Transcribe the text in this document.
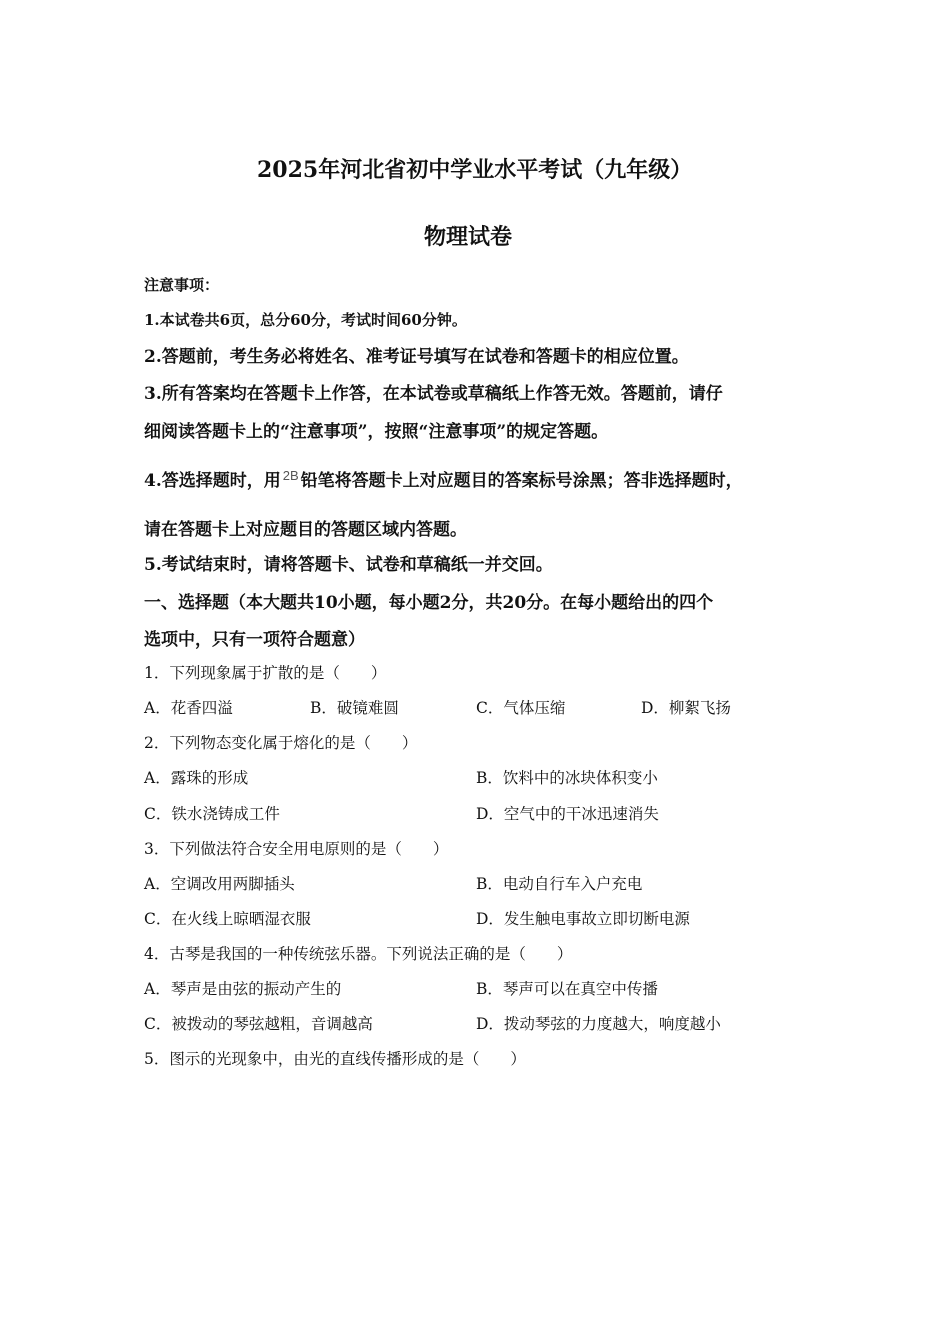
2025年河北省初中学业水平考试（九年级）
物理试卷
注意事项：
1.本试卷共6页，总分60分，考试时间60分钟。
2.答题前，考生务必将姓名、准考证号填写在试卷和答题卡的相应位置。
3.所有答案均在答题卡上作答，在本试卷或草稿纸上作答无效。答题前，请仔
细阅读答题卡上的“注意事项”，按照“注意事项”的规定答题。
4.答选择题时，用 $^{2B}$ 铅笔将答题卡上对应题目的答案标号涂黑；答非选择题时，
请在答题卡上对应题目的答题区域内答题。
5.考试结束时，请将答题卡、试卷和草稿纸一并交回。
一、选择题（本大题共10小题，每小题2分，共20分。在每小题给出的四个
选项中，只有一项符合题意）
1．下列现象属于扩散的是（　　）
A．花香四溢	B．破镜难圆	C．气体压缩	D．柳絮飞扬
2．下列物态变化属于熔化的是（　　）
A．露珠的形成	B．饮料中的冰块体积变小
C．铁水浇铸成工件	D．空气中的干冰迅速消失
3．下列做法符合安全用电原则的是（　　）
A．空调改用两脚插头	B．电动自行车入户充电
C．在火线上晾晒湿衣服	D．发生触电事故立即切断电源
4．古琴是我国的一种传统弦乐器。下列说法正确的是（　　）
A．琴声是由弦的振动产生的	B．琴声可以在真空中传播
C．被拨动的琴弦越粗，音调越高	D．拨动琴弦的力度越大，响度越小
5．图示的光现象中，由光的直线传播形成的是（　　）
